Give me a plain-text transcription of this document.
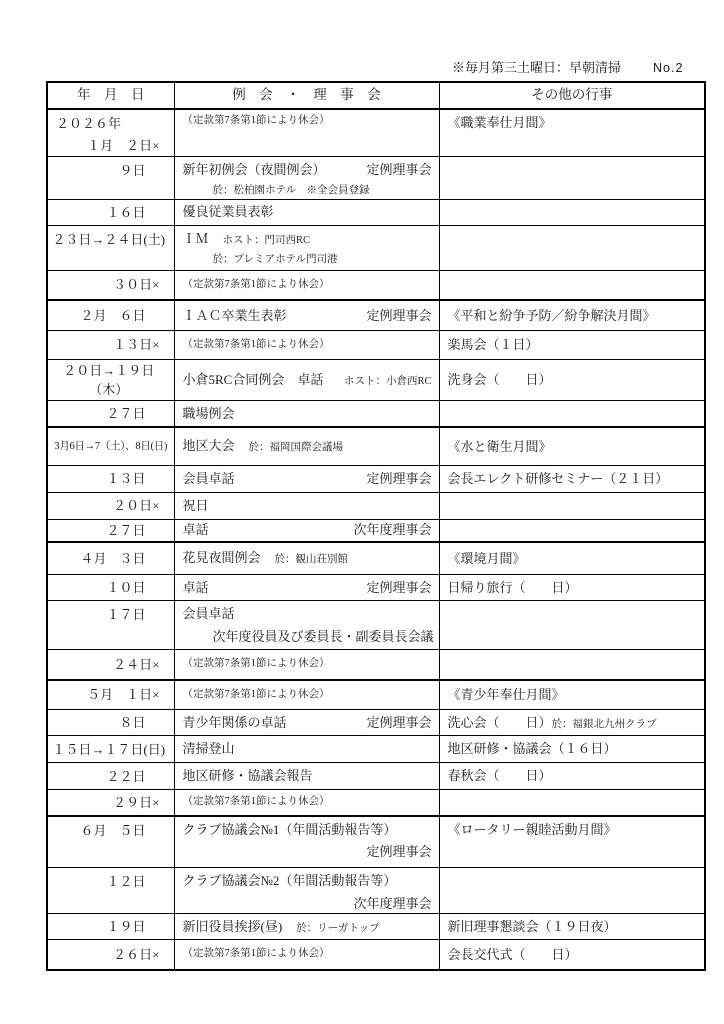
※毎月第三土曜日：早朝清掃	No.2
年　月　日	例　会　・　理　事　会	その他の行事

２０２６年
１月　２日×	（定款第7条第1節により休会）	《職業奉仕月間》

９日	新年初例会（夜間例会） 定例理事会
於：松柏園ホテル　※全会員登録	

１６日	優良従業員表彰	

２３日→２４日(土)	ＩＭ ホスト：門司西RC
於：プレミアホテル門司港	

３０日×	（定款第7条第1節により休会）	

２月　６日	ＩＡＣ卒業生表彰 定例理事会	《平和と紛争予防／紛争解決月間》

１３日×	（定款第7条第1節により休会）	楽馬会（１日）

２０日→１９日（木）	小倉5RC合同例会　卓話 ホスト：小倉西RC	洗身会（　　日）

２７日	職場例会	

3月6日→7（土）、8日(日)	地区大会 於：福岡国際会議場	《水と衛生月間》

１３日	会員卓話 定例理事会	会長エレクト研修セミナー（２１日）

２０日×	祝日	

２７日	卓話 次年度理事会	

４月　３日	花見夜間例会 於：観山荘別館	《環境月間》

１０日	卓話 定例理事会	日帰り旅行（　　日）

１７日	会員卓話
次年度役員及び委員長・副委員長会議	

２４日×	（定款第7条第1節により休会）	

５月　１日×	（定款第7条第1節により休会）	《青少年奉仕月間》

８日	青少年関係の卓話 定例理事会	洗心会（　　日） 於：福銀北九州クラブ

１５日→１７日(日)	清掃登山	地区研修・協議会（１６日）

２２日	地区研修・協議会報告	春秋会（　　日）

２９日×	（定款第7条第1節により休会）	

６月　５日	クラブ協議会№1（年間活動報告等）
定例理事会	《ロータリー親睦活動月間》

１２日	クラブ協議会№2（年間活動報告等）
次年度理事会	

１９日	新旧役員挨拶(昼) 於：リーガトップ	新旧理事懇談会（１９日夜）

２６日×	（定款第7条第1節により休会）	会長交代式（　　日）
